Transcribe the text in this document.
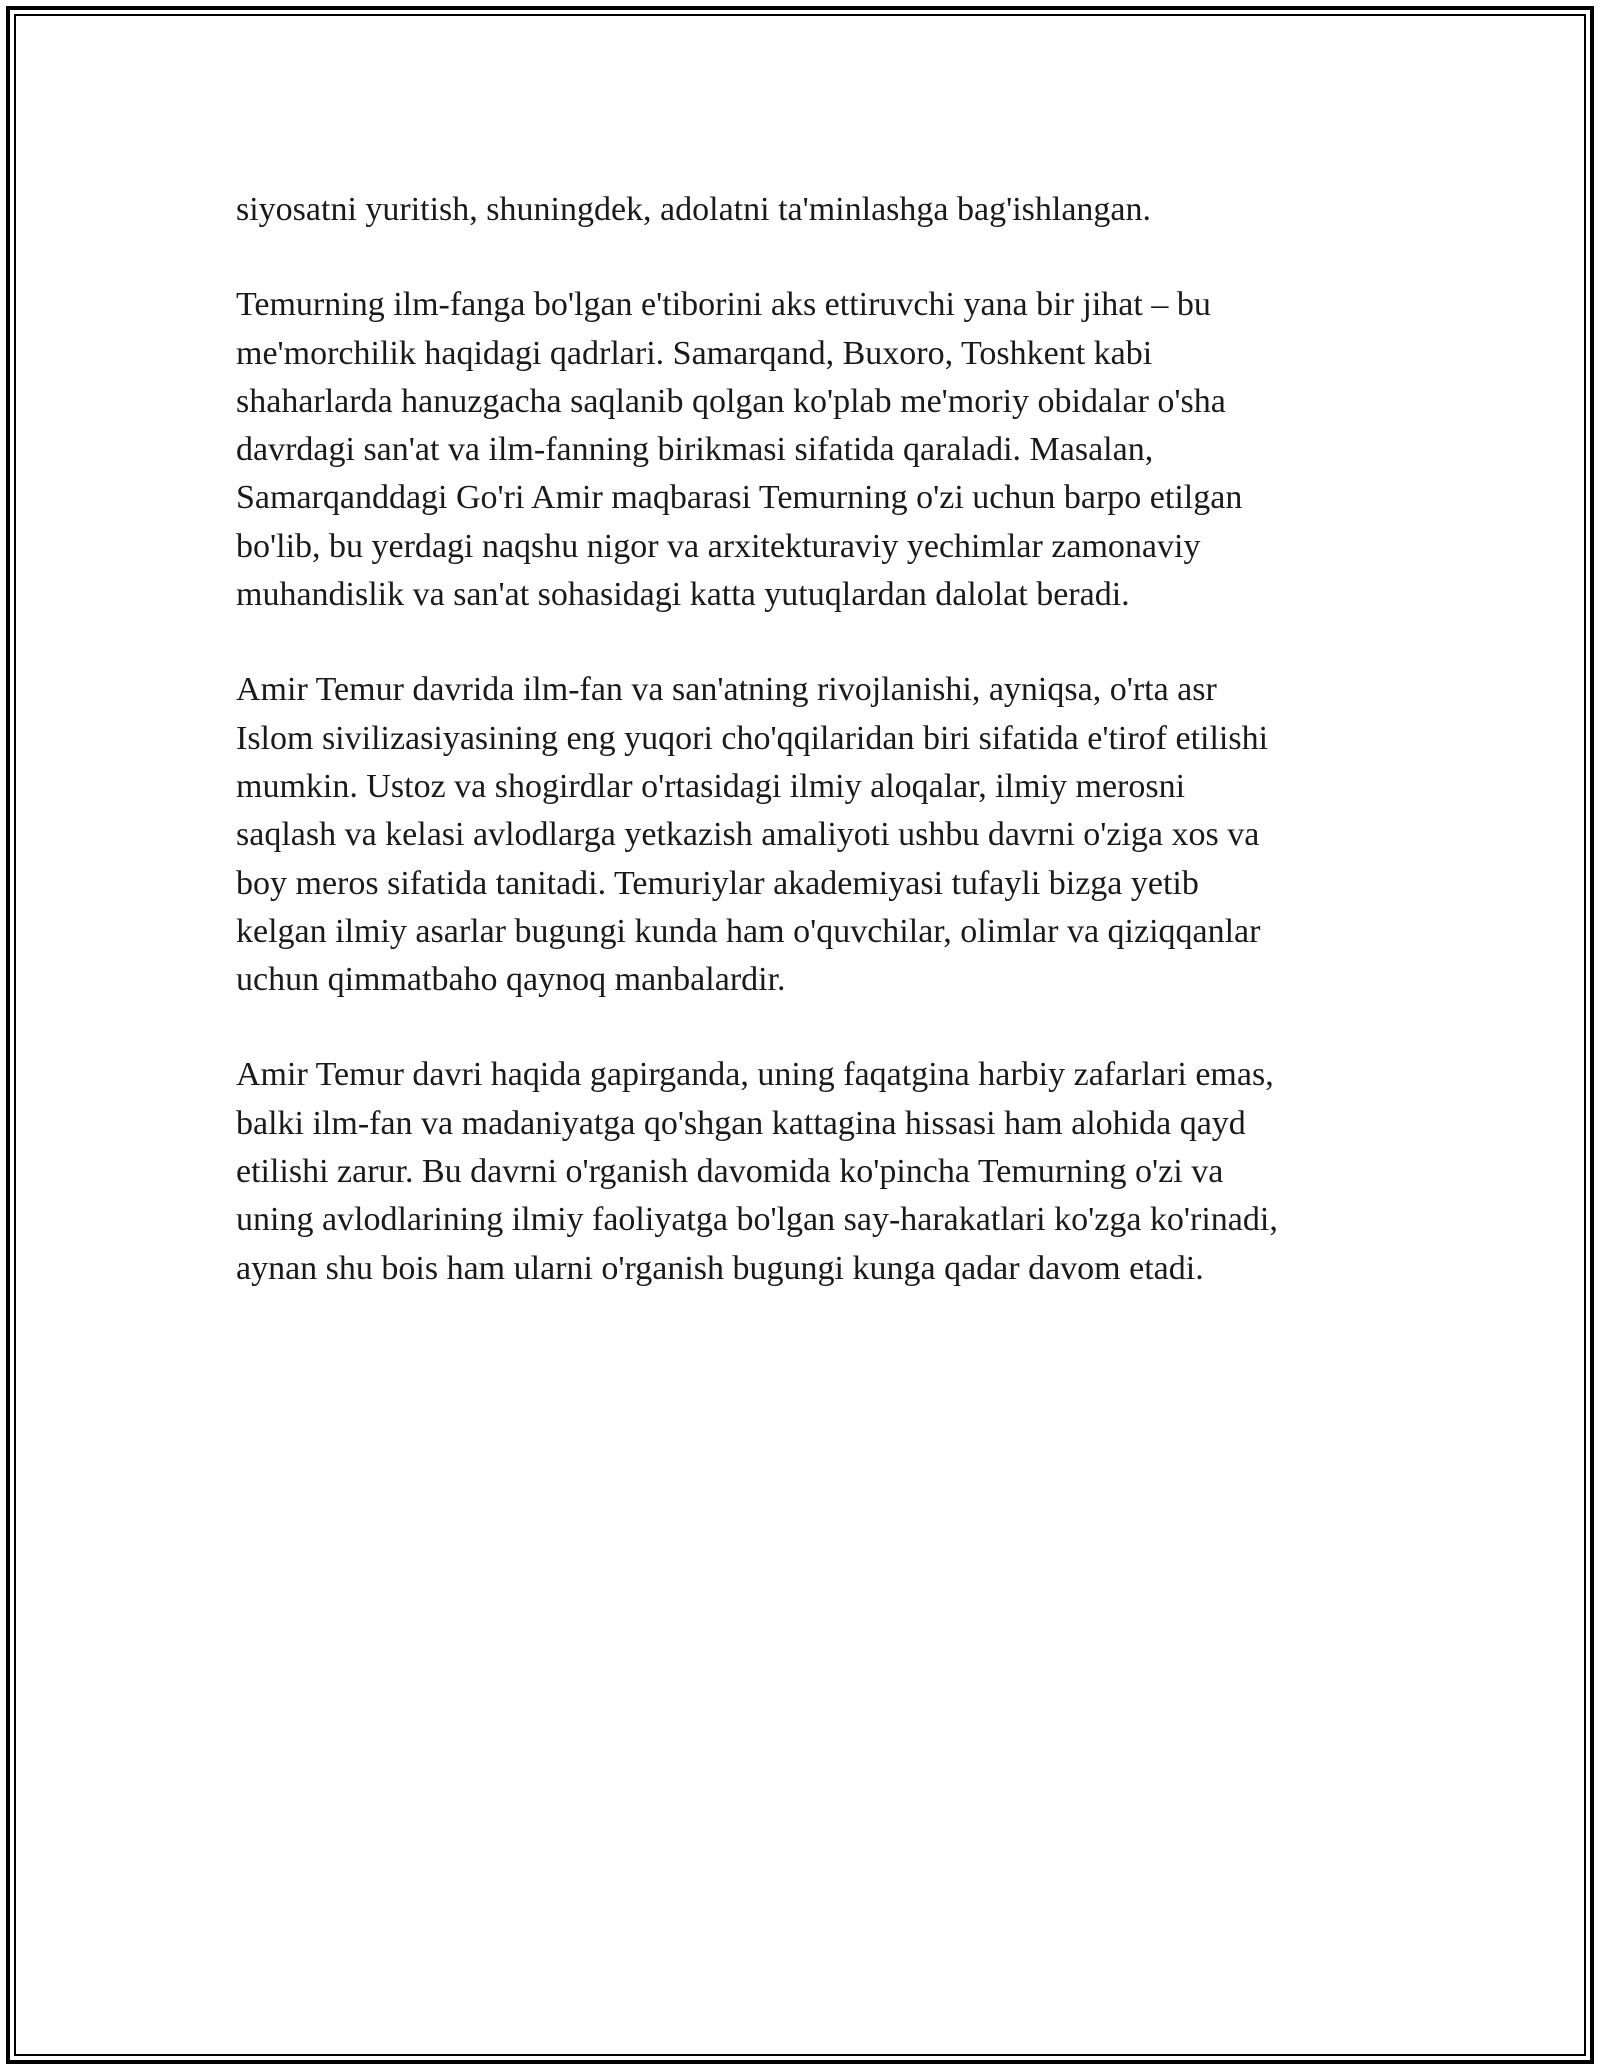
siyosatni yuritish, shuningdek, adolatni ta'minlashga bag'ishlangan.

Temurning ilm-fanga bo'lgan e'tiborini aks ettiruvchi yana bir jihat – bu
me'morchilik haqidagi qadrlari. Samarqand, Buxoro, Toshkent kabi
shaharlarda hanuzgacha saqlanib qolgan ko'plab me'moriy obidalar o'sha
davrdagi san'at va ilm-fanning birikmasi sifatida qaraladi. Masalan,
Samarqanddagi Go'ri Amir maqbarasi Temurning o'zi uchun barpo etilgan
bo'lib, bu yerdagi naqshu nigor va arxitekturaviy yechimlar zamonaviy
muhandislik va san'at sohasidagi katta yutuqlardan dalolat beradi.

Amir Temur davrida ilm-fan va san'atning rivojlanishi, ayniqsa, o'rta asr
Islom sivilizasiyasining eng yuqori cho'qqilaridan biri sifatida e'tirof etilishi
mumkin. Ustoz va shogirdlar o'rtasidagi ilmiy aloqalar, ilmiy merosni
saqlash va kelasi avlodlarga yetkazish amaliyoti ushbu davrni o'ziga xos va
boy meros sifatida tanitadi. Temuriylar akademiyasi tufayli bizga yetib
kelgan ilmiy asarlar bugungi kunda ham o'quvchilar, olimlar va qiziqqanlar
uchun qimmatbaho qaynoq manbalardir.

Amir Temur davri haqida gapirganda, uning faqatgina harbiy zafarlari emas,
balki ilm-fan va madaniyatga qo'shgan kattagina hissasi ham alohida qayd
etilishi zarur. Bu davrni o'rganish davomida ko'pincha Temurning o'zi va
uning avlodlarining ilmiy faoliyatga bo'lgan say-harakatlari ko'zga ko'rinadi,
aynan shu bois ham ularni o'rganish bugungi kunga qadar davom etadi.
